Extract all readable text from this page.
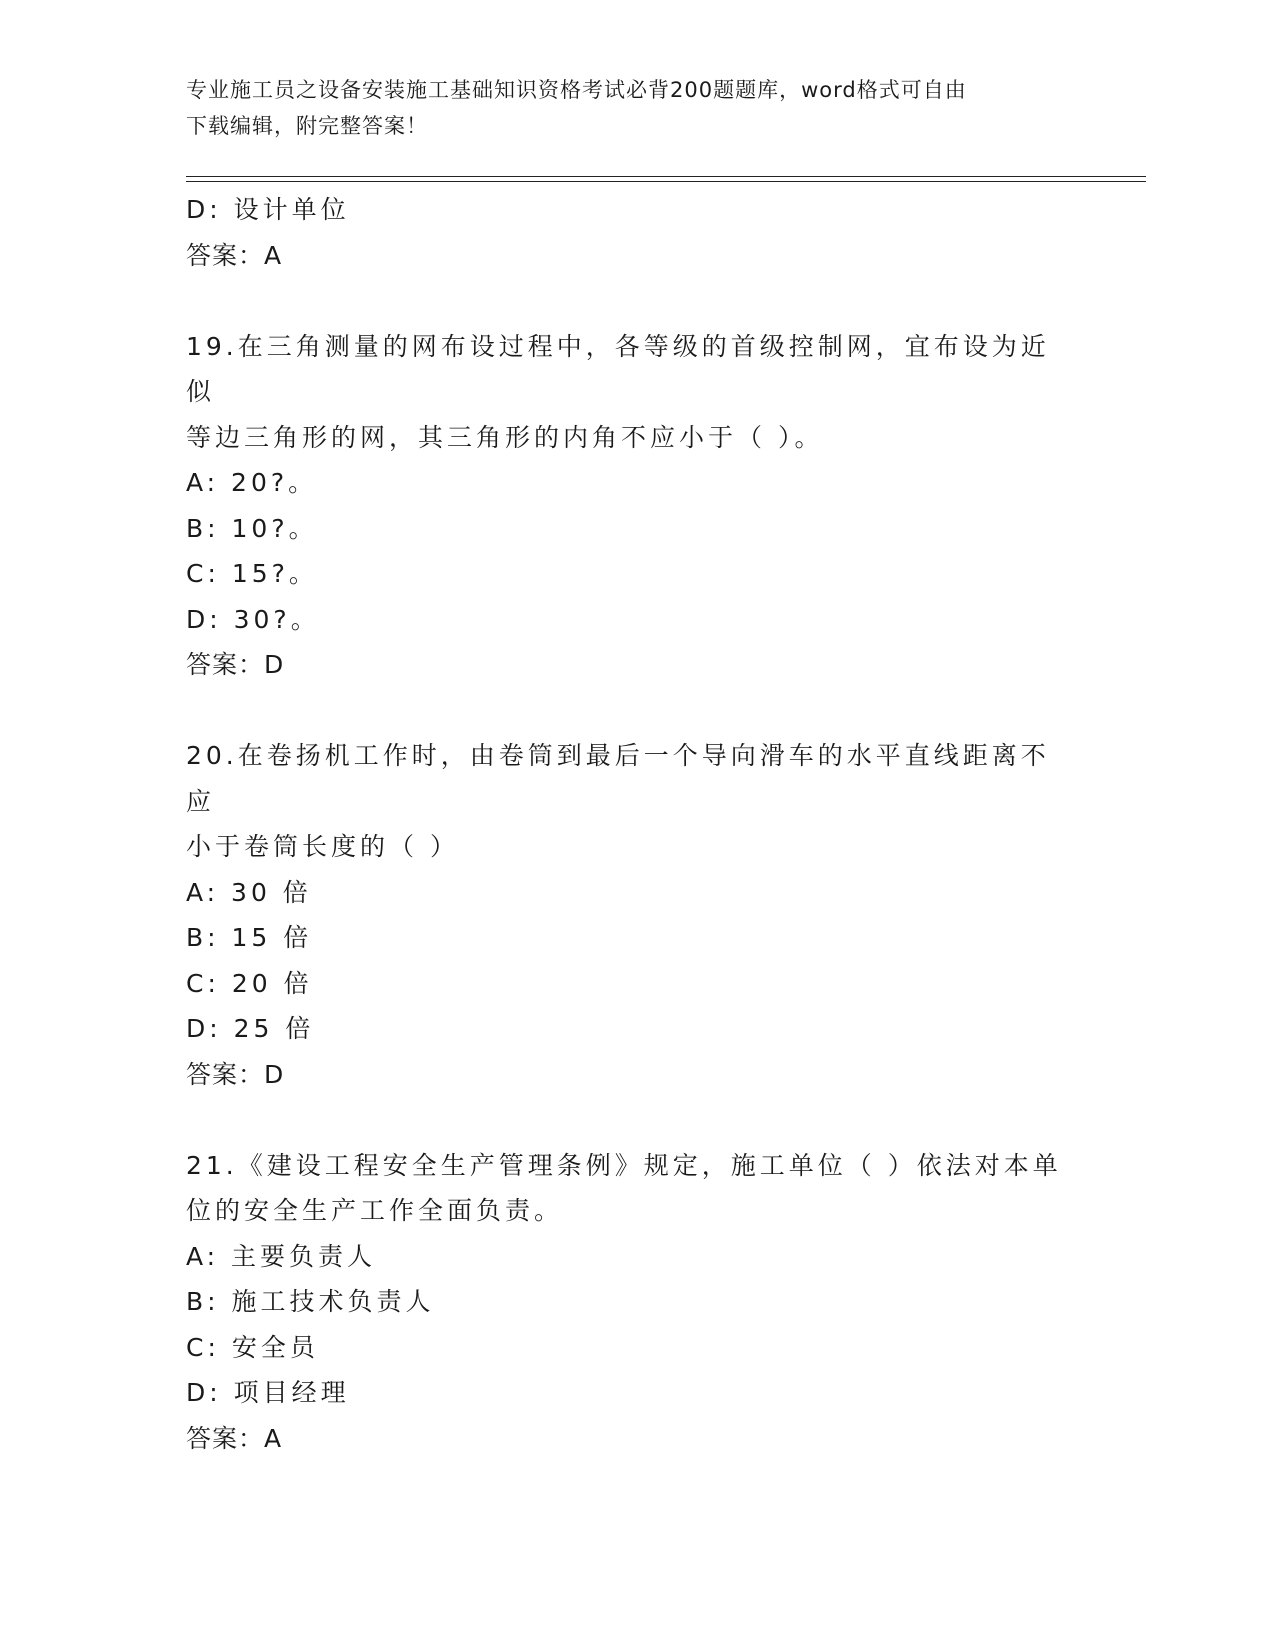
专业施工员之设备安装施工基础知识资格考试必背200题题库，word格式可自由
下载编辑，附完整答案！
D: 设计单位
答案：A
19.在三角测量的网布设过程中，各等级的首级控制网，宜布设为近似
等边三角形的网，其三角形的内角不应小于（ ）。
A: 20?。
B: 10?。
C: 15?。
D: 30?。
答案：D
20.在卷扬机工作时，由卷筒到最后一个导向滑车的水平直线距离不应
小于卷筒长度的（ ）
A: 30 倍
B: 15 倍
C: 20 倍
D: 25 倍
答案：D
21.《建设工程安全生产管理条例》规定，施工单位（ ）依法对本单
位的安全生产工作全面负责。
A: 主要负责人
B: 施工技术负责人
C: 安全员
D: 项目经理
答案：A
